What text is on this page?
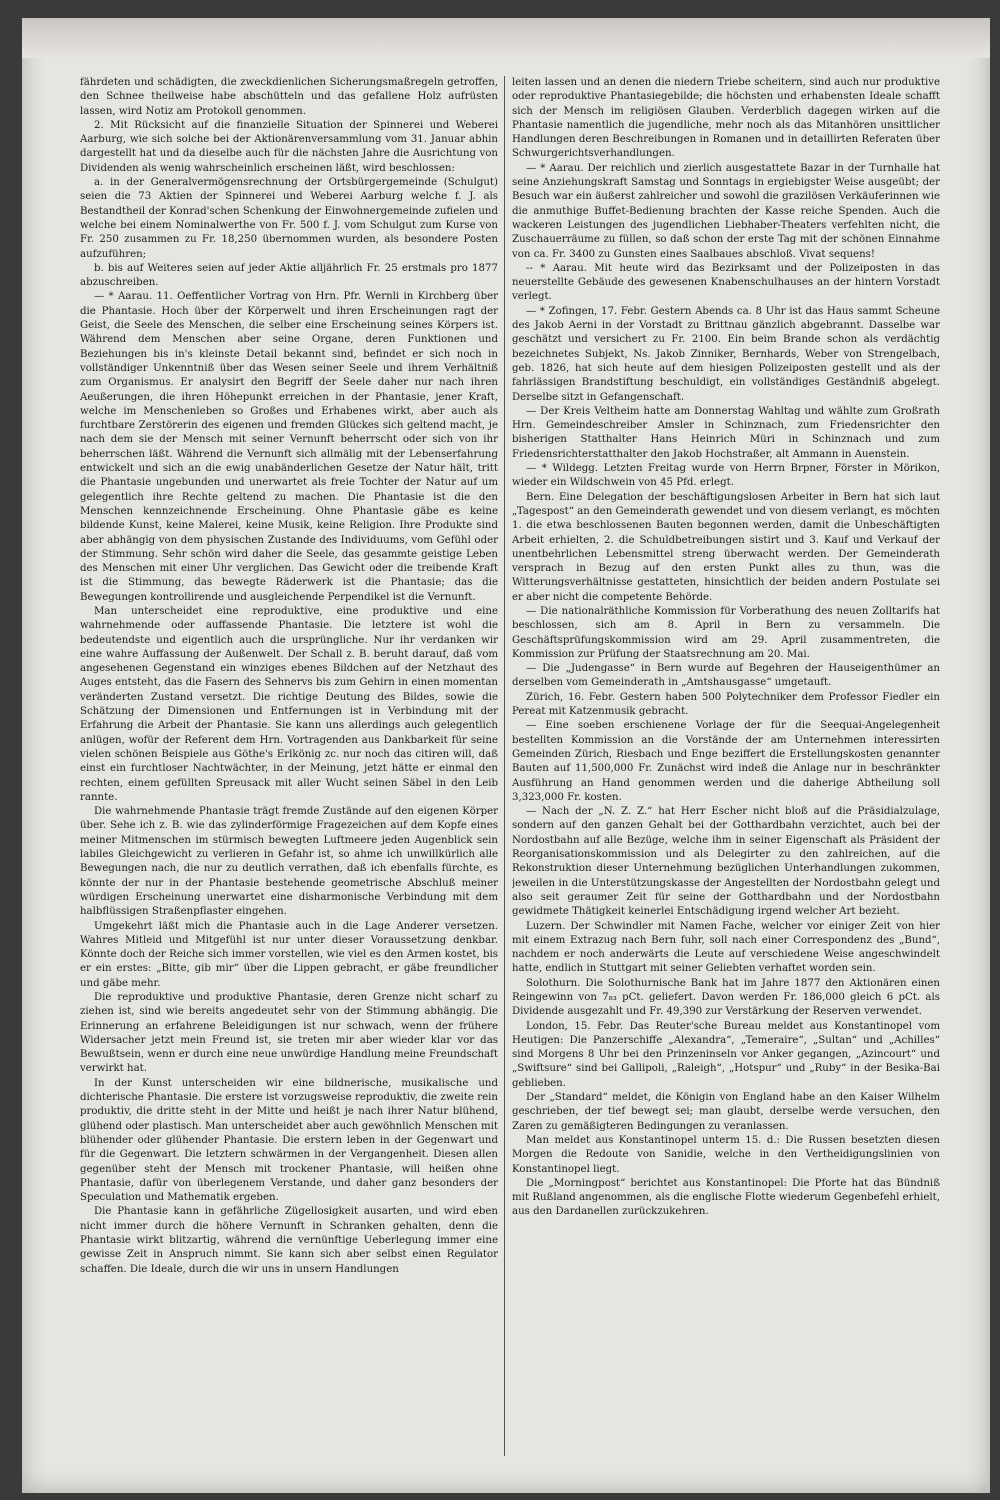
fährdeten und schädigten, die zweckdienlichen Sicherungsmaßregeln getroffen, den Schnee theilweise habe abschütteln und das gefallene Holz aufrüsten lassen, wird Notiz am Protokoll genommen.

2. Mit Rücksicht auf die finanzielle Situation der Spinnerei und Weberei Aarburg, wie sich solche bei der Aktionärenversammlung vom 31. Januar abhin dargestellt hat und da dieselbe auch für die nächsten Jahre die Ausrichtung von Dividenden als wenig wahrscheinlich erscheinen läßt, wird beschlossen:

a. in der Generalvermögensrechnung der Ortsbürgergemeinde (Schulgut) seien die 73 Aktien der Spinnerei und Weberei Aarburg welche f. J. als Bestandtheil der Konrad'schen Schenkung der Einwohnergemeinde zufielen und welche bei einem Nominalwerthe von Fr. 500 f. J. vom Schulgut zum Kurse von Fr. 250 zusammen zu Fr. 18,250 übernommen wurden, als besondere Posten aufzuführen;

b. bis auf Weiteres seien auf jeder Aktie alljährlich Fr. 25 erstmals pro 1877 abzuschreiben.

— * Aarau. 11. Oeffentlicher Vortrag von Hrn. Pfr. Wernli in Kirchberg über die Phantasie. Hoch über der Körperwelt und ihren Erscheinungen ragt der Geist, die Seele des Menschen, die selber eine Erscheinung seines Körpers ist. Während dem Menschen aber seine Organe, deren Funktionen und Beziehungen bis in's kleinste Detail bekannt sind, befindet er sich noch in vollständiger Unkenntniß über das Wesen seiner Seele und ihrem Verhältniß zum Organismus. Er analysirt den Begriff der Seele daher nur nach ihren Aeußerungen, die ihren Höhepunkt erreichen in der Phantasie, jener Kraft, welche im Menschenleben so Großes und Erhabenes wirkt, aber auch als furchtbare Zerstörerin des eigenen und fremden Glückes sich geltend macht, je nach dem sie der Mensch mit seiner Vernunft beherrscht oder sich von ihr beherrschen läßt. Während die Vernunft sich allmälig mit der Lebenserfahrung entwickelt und sich an die ewig unabänderlichen Gesetze der Natur hält, tritt die Phantasie ungebunden und unerwartet als freie Tochter der Natur auf um gelegentlich ihre Rechte geltend zu machen. Die Phantasie ist die den Menschen kennzeichnende Erscheinung. Ohne Phantasie gäbe es keine bildende Kunst, keine Malerei, keine Musik, keine Religion. Ihre Produkte sind aber abhängig von dem physischen Zustande des Individuums, vom Gefühl oder der Stimmung. Sehr schön wird daher die Seele, das gesammte geistige Leben des Menschen mit einer Uhr verglichen. Das Gewicht oder die treibende Kraft ist die Stimmung, das bewegte Räderwerk ist die Phantasie; das die Bewegungen kontrollirende und ausgleichende Perpendikel ist die Vernunft.

Man unterscheidet eine reproduktive, eine produktive und eine wahrnehmende oder auffassende Phantasie. Die letztere ist wohl die bedeutendste und eigentlich auch die ursprüngliche. Nur ihr verdanken wir eine wahre Auffassung der Außenwelt. Der Schall z. B. beruht darauf, daß vom angesehenen Gegenstand ein winziges ebenes Bildchen auf der Netzhaut des Auges entsteht, das die Fasern des Sehnervs bis zum Gehirn in einen momentan veränderten Zustand versetzt. Die richtige Deutung des Bildes, sowie die Schätzung der Dimensionen und Entfernungen ist in Verbindung mit der Erfahrung die Arbeit der Phantasie. Sie kann uns allerdings auch gelegentlich anlügen, wofür der Referent dem Hrn. Vortragenden aus Dankbarkeit für seine vielen schönen Beispiele aus Göthe's Erlkönig zc. nur noch das citiren will, daß einst ein furchtloser Nachtwächter, in der Meinung, jetzt hätte er einmal den rechten, einem gefüllten Spreusack mit aller Wucht seinen Säbel in den Leib rannte.

Die wahrnehmende Phantasie trägt fremde Zustände auf den eigenen Körper über. Sehe ich z. B. wie das zylinderförmige Fragezeichen auf dem Kopfe eines meiner Mitmenschen im stürmisch bewegten Luftmeere jeden Augenblick sein labiles Gleichgewicht zu verlieren in Gefahr ist, so ahme ich unwillkürlich alle Bewegungen nach, die nur zu deutlich verrathen, daß ich ebenfalls fürchte, es könnte der nur in der Phantasie bestehende geometrische Abschluß meiner würdigen Erscheinung unerwartet eine disharmonische Verbindung mit dem halbflüssigen Straßenpflaster eingehen.

Umgekehrt läßt mich die Phantasie auch in die Lage Anderer versetzen. Wahres Mitleid und Mitgefühl ist nur unter dieser Voraussetzung denkbar. Könnte doch der Reiche sich immer vorstellen, wie viel es den Armen kostet, bis er ein erstes: „Bitte, gib mir“ über die Lippen gebracht, er gäbe freundlicher und gäbe mehr.

Die reproduktive und produktive Phantasie, deren Grenze nicht scharf zu ziehen ist, sind wie bereits angedeutet sehr von der Stimmung abhängig. Die Erinnerung an erfahrene Beleidigungen ist nur schwach, wenn der frühere Widersacher jetzt mein Freund ist, sie treten mir aber wieder klar vor das Bewußtsein, wenn er durch eine neue unwürdige Handlung meine Freundschaft verwirkt hat.

In der Kunst unterscheiden wir eine bildnerische, musikalische und dichterische Phantasie. Die erstere ist vorzugsweise reproduktiv, die zweite rein produktiv, die dritte steht in der Mitte und heißt je nach ihrer Natur blühend, glühend oder plastisch. Man unterscheidet aber auch gewöhnlich Menschen mit blühender oder glühender Phantasie. Die erstern leben in der Gegenwart und für die Gegenwart. Die letztern schwärmen in der Vergangenheit. Diesen allen gegenüber steht der Mensch mit trockener Phantasie, will heißen ohne Phantasie, dafür von überlegenem Verstande, und daher ganz besonders der Speculation und Mathematik ergeben.

Die Phantasie kann in gefährliche Zügellosigkeit ausarten, und wird eben nicht immer durch die höhere Vernunft in Schranken gehalten, denn die Phantasie wirkt blitzartig, während die vernünftige Ueberlegung immer eine gewisse Zeit in Anspruch nimmt. Sie kann sich aber selbst einen Regulator schaffen. Die Ideale, durch die wir uns in unsern Handlungen

leiten lassen und an denen die niedern Triebe scheitern, sind auch nur produktive oder reproduktive Phantasiegebilde; die höchsten und erhabensten Ideale schafft sich der Mensch im religiösen Glauben. Verderblich dagegen wirken auf die Phantasie namentlich die jugendliche, mehr noch als das Mitanhören unsittlicher Handlungen deren Beschreibungen in Romanen und in detaillirten Referaten über Schwurgerichtsverhandlungen.

— * Aarau. Der reichlich und zierlich ausgestattete Bazar in der Turnhalle hat seine Anziehungskraft Samstag und Sonntags in ergiebigster Weise ausgeübt; der Besuch war ein äußerst zahlreicher und sowohl die grazilösen Verkäuferinnen wie die anmuthige Buffet-Bedienung brachten der Kasse reiche Spenden. Auch die wackeren Leistungen des jugendlichen Liebhaber-Theaters verfehlten nicht, die Zuschauerräume zu füllen, so daß schon der erste Tag mit der schönen Einnahme von ca. Fr. 3400 zu Gunsten eines Saalbaues abschloß. Vivat sequens!

-- * Aarau. Mit heute wird das Bezirksamt und der Polizeiposten in das neuerstellte Gebäude des gewesenen Knabenschulhauses an der hintern Vorstadt verlegt.

— * Zofingen, 17. Febr. Gestern Abends ca. 8 Uhr ist das Haus sammt Scheune des Jakob Aerni in der Vorstadt zu Brittnau gänzlich abgebrannt. Dasselbe war geschätzt und versichert zu Fr. 2100. Ein beim Brande schon als verdächtig bezeichnetes Subjekt, Ns. Jakob Zinniker, Bernhards, Weber von Strengelbach, geb. 1826, hat sich heute auf dem hiesigen Polizeiposten gestellt und als der fahrlässigen Brandstiftung beschuldigt, ein vollständiges Geständniß abgelegt. Derselbe sitzt in Gefangenschaft.

— Der Kreis Veltheim hatte am Donnerstag Wahltag und wählte zum Großrath Hrn. Gemeindeschreiber Amsler in Schinznach, zum Friedensrichter den bisherigen Statthalter Hans Heinrich Müri in Schinznach und zum Friedensrichterstatthalter den Jakob Hochstraßer, alt Ammann in Auenstein.

— * Wildegg. Letzten Freitag wurde von Herrn Brpner, Förster in Mörikon, wieder ein Wildschwein von 45 Pfd. erlegt.

Bern. Eine Delegation der beschäftigungslosen Arbeiter in Bern hat sich laut „Tagespost“ an den Gemeinderath gewendet und von diesem verlangt, es möchten 1. die etwa beschlossenen Bauten begonnen werden, damit die Unbeschäftigten Arbeit erhielten, 2. die Schuldbetreibungen sistirt und 3. Kauf und Verkauf der unentbehrlichen Lebensmittel streng überwacht werden. Der Gemeinderath versprach in Bezug auf den ersten Punkt alles zu thun, was die Witterungsverhältnisse gestatteten, hinsichtlich der beiden andern Postulate sei er aber nicht die competente Behörde.

— Die nationalräthliche Kommission für Vorberathung des neuen Zolltarifs hat beschlossen, sich am 8. April in Bern zu versammeln. Die Geschäftsprüfungskommission wird am 29. April zusammentreten, die Kommission zur Prüfung der Staatsrechnung am 20. Mai.

— Die „Judengasse“ in Bern wurde auf Begehren der Hauseigenthümer an derselben vom Gemeinderath in „Amtshausgasse“ umgetauft.

Zürich, 16. Febr. Gestern haben 500 Polytechniker dem Professor Fiedler ein Pereat mit Katzenmusik gebracht.

— Eine soeben erschienene Vorlage der für die Seequai-Angelegenheit bestellten Kommission an die Vorstände der am Unternehmen interessirten Gemeinden Zürich, Riesbach und Enge beziffert die Erstellungskosten genannter Bauten auf 11,500,000 Fr. Zunächst wird indeß die Anlage nur in beschränkter Ausführung an Hand genommen werden und die daherige Abtheilung soll 3,323,000 Fr. kosten.

— Nach der „N. Z. Z.“ hat Herr Escher nicht bloß auf die Präsidialzulage, sondern auf den ganzen Gehalt bei der Gotthardbahn verzichtet, auch bei der Nordostbahn auf alle Bezüge, welche ihm in seiner Eigenschaft als Präsident der Reorganisationskommission und als Delegirter zu den zahlreichen, auf die Rekonstruktion dieser Unternehmung bezüglichen Unterhandlungen zukommen, jeweilen in die Unterstützungskasse der Angestellten der Nordostbahn gelegt und also seit geraumer Zeit für seine der Gotthardbahn und der Nordostbahn gewidmete Thätigkeit keinerlei Entschädigung irgend welcher Art bezieht.

Luzern. Der Schwindler mit Namen Fache, welcher vor einiger Zeit von hier mit einem Extrazug nach Bern fuhr, soll nach einer Correspondenz des „Bund“, nachdem er noch anderwärts die Leute auf verschiedene Weise angeschwindelt hatte, endlich in Stuttgart mit seiner Geliebten verhaftet worden sein.

Solothurn. Die Solothurnische Bank hat im Jahre 1877 den Aktionären einen Reingewinn von 7₈₃ pCt. geliefert. Davon werden Fr. 186,000 gleich 6 pCt. als Dividende ausgezahlt und Fr. 49,390 zur Verstärkung der Reserven verwendet.

London, 15. Febr. Das Reuter'sche Bureau meldet aus Konstantinopel vom Heutigen: Die Panzerschiffe „Alexandra“, „Temeraire“, „Sultan“ und „Achilles“ sind Morgens 8 Uhr bei den Prinzeninseln vor Anker gegangen, „Azincourt“ und „Swiftsure“ sind bei Gallipoli, „Raleigh“, „Hotspur“ und „Ruby“ in der Besika-Bai geblieben.

Der „Standard“ meldet, die Königin von England habe an den Kaiser Wilhelm geschrieben, der tief bewegt sei; man glaubt, derselbe werde versuchen, den Zaren zu gemäßigteren Bedingungen zu veranlassen.

Man meldet aus Konstantinopel unterm 15. d.: Die Russen besetzten diesen Morgen die Redoute von Sanidie, welche in den Vertheidigungslinien von Konstantinopel liegt.

Die „Morningpost“ berichtet aus Konstantinopel: Die Pforte hat das Bündniß mit Rußland angenommen, als die englische Flotte wiederum Gegenbefehl erhielt, aus den Dardanellen zurückzukehren.
